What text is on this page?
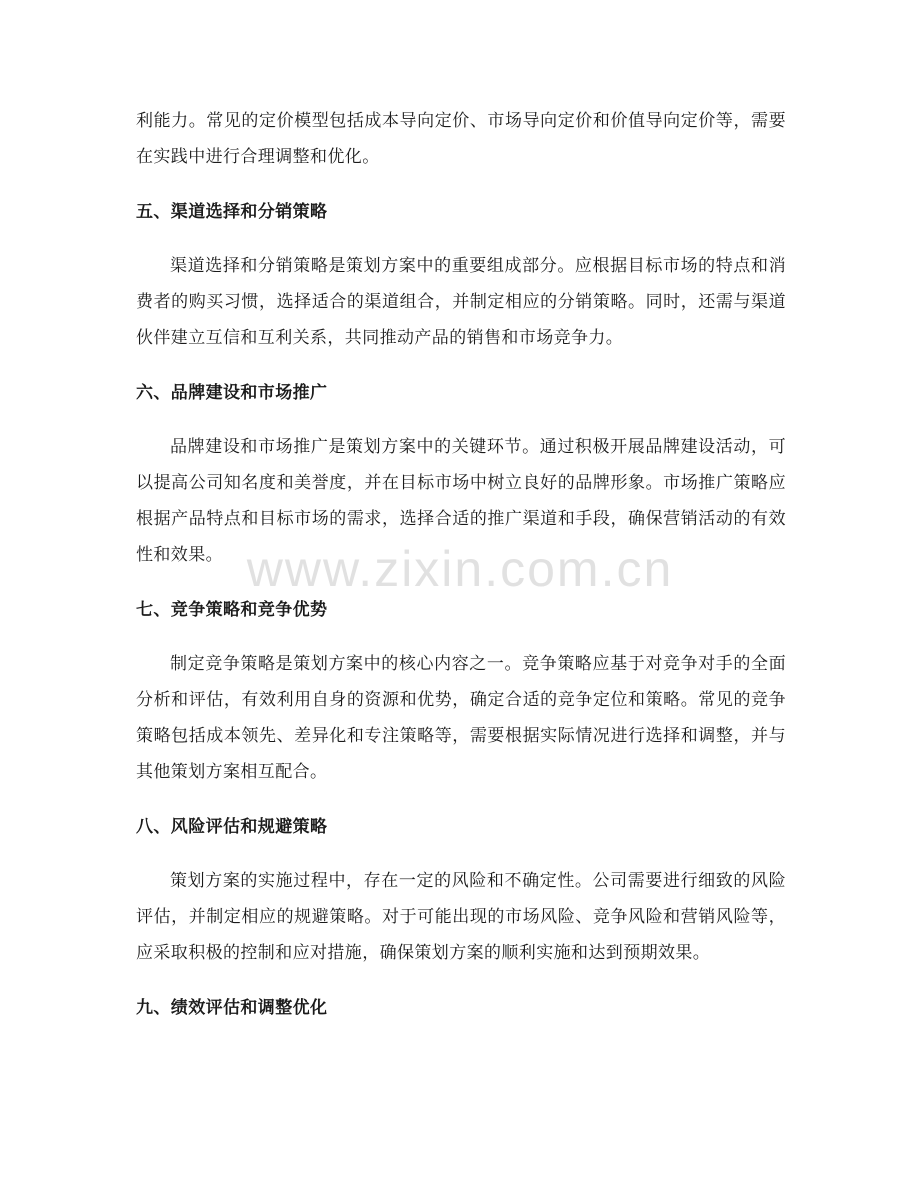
利能力。常见的定价模型包括成本导向定价、市场导向定价和价值导向定价等，需要在实践中进行合理调整和优化。

五、渠道选择和分销策略

渠道选择和分销策略是策划方案中的重要组成部分。应根据目标市场的特点和消费者的购买习惯，选择适合的渠道组合，并制定相应的分销策略。同时，还需与渠道伙伴建立互信和互利关系，共同推动产品的销售和市场竞争力。

六、品牌建设和市场推广

品牌建设和市场推广是策划方案中的关键环节。通过积极开展品牌建设活动，可以提高公司知名度和美誉度，并在目标市场中树立良好的品牌形象。市场推广策略应根据产品特点和目标市场的需求，选择合适的推广渠道和手段，确保营销活动的有效性和效果。

七、竞争策略和竞争优势

制定竞争策略是策划方案中的核心内容之一。竞争策略应基于对竞争对手的全面分析和评估，有效利用自身的资源和优势，确定合适的竞争定位和策略。常见的竞争策略包括成本领先、差异化和专注策略等，需要根据实际情况进行选择和调整，并与其他策划方案相互配合。

八、风险评估和规避策略

策划方案的实施过程中，存在一定的风险和不确定性。公司需要进行细致的风险评估，并制定相应的规避策略。对于可能出现的市场风险、竞争风险和营销风险等，应采取积极的控制和应对措施，确保策划方案的顺利实施和达到预期效果。

九、绩效评估和调整优化
www.zixin.com.cn
